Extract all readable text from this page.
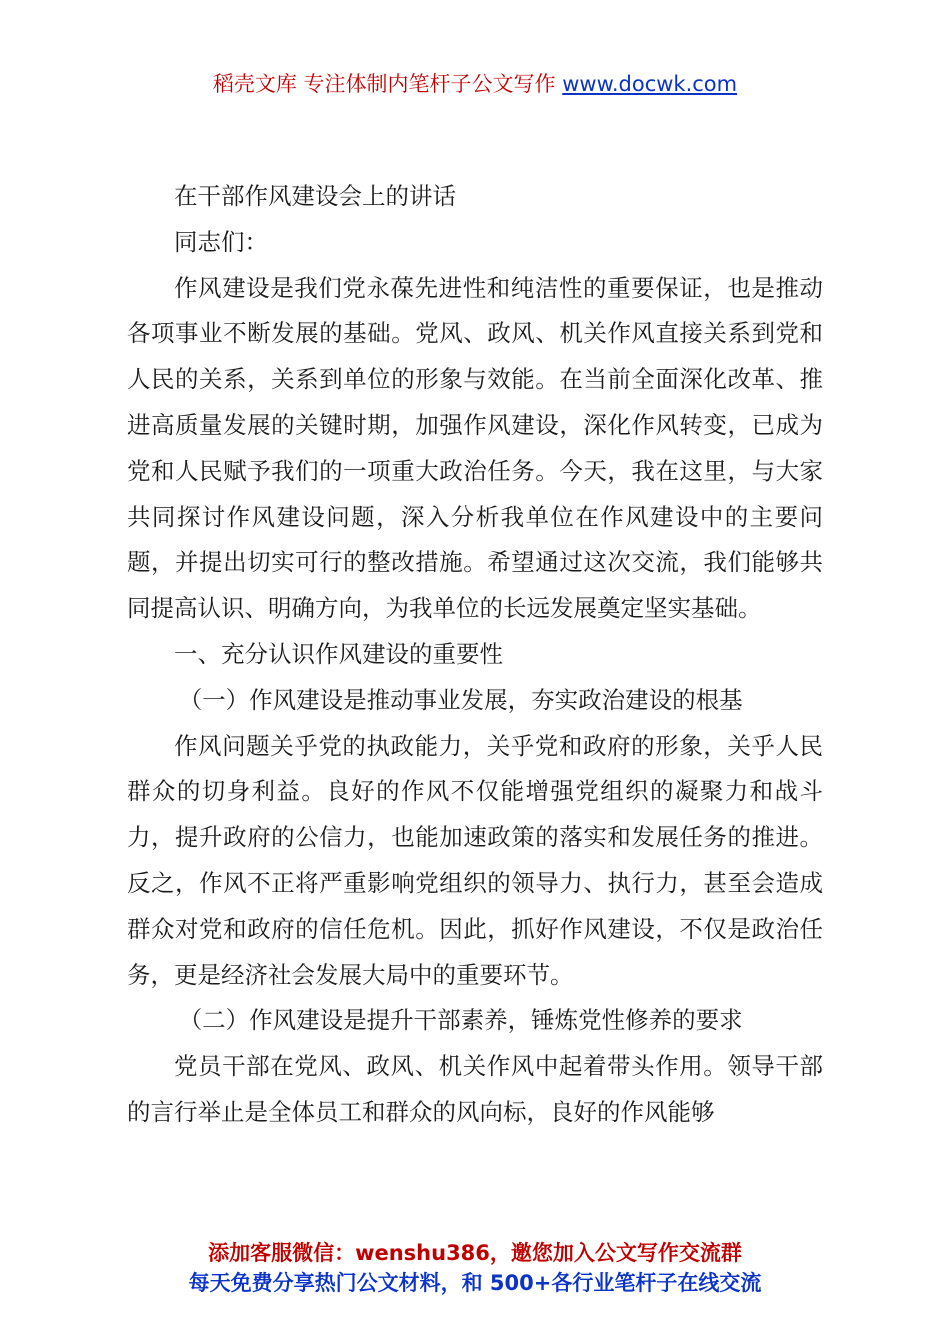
稻壳文库 专注体制内笔杆子公文写作 www.docwk.com

在干部作风建设会上的讲话

同志们：

作风建设是我们党永葆先进性和纯洁性的重要保证，也是推动各项事业不断发展的基础。党风、政风、机关作风直接关系到党和人民的关系，关系到单位的形象与效能。在当前全面深化改革、推进高质量发展的关键时期，加强作风建设，深化作风转变，已成为党和人民赋予我们的一项重大政治任务。今天，我在这里，与大家共同探讨作风建设问题，深入分析我单位在作风建设中的主要问题，并提出切实可行的整改措施。希望通过这次交流，我们能够共同提高认识、明确方向，为我单位的长远发展奠定坚实基础。

一、充分认识作风建设的重要性

（一）作风建设是推动事业发展，夯实政治建设的根基

作风问题关乎党的执政能力，关乎党和政府的形象，关乎人民群众的切身利益。良好的作风不仅能增强党组织的凝聚力和战斗力，提升政府的公信力，也能加速政策的落实和发展任务的推进。反之，作风不正将严重影响党组织的领导力、执行力，甚至会造成群众对党和政府的信任危机。因此，抓好作风建设，不仅是政治任务，更是经济社会发展大局中的重要环节。

（二）作风建设是提升干部素养，锤炼党性修养的要求

党员干部在党风、政风、机关作风中起着带头作用。领导干部的言行举止是全体员工和群众的风向标，良好的作风能够

添加客服微信：wenshu386，邀您加入公文写作交流群
每天免费分享热门公文材料，和 500+各行业笔杆子在线交流
